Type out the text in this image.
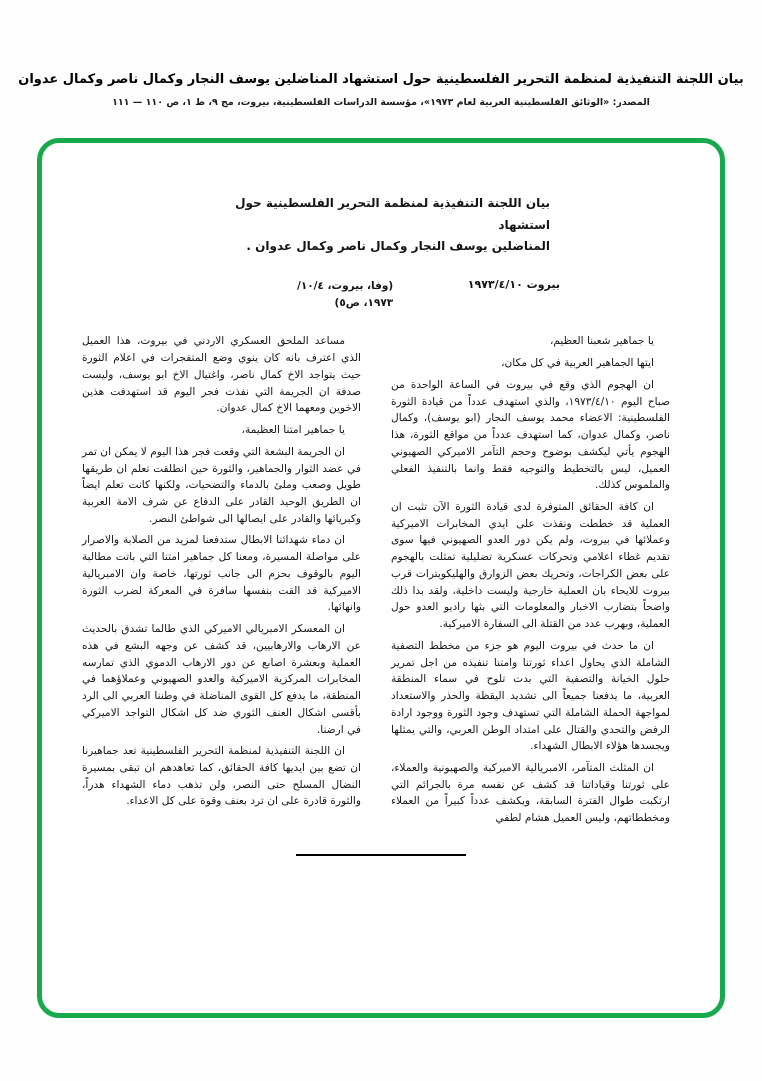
بيان اللجنة التنفيذية لمنظمة التحرير الفلسطينية حول استشهاد المناضلين يوسف النجار وكمال ناصر وكمال عدوان
المصدر: «الوثائق الفلسطينية العربية لعام ١٩٧٣»، مؤسسة الدراسات الفلسطينية، بيروت، مج ٩، ط ١، ص ١١٠ — ١١١
بيان اللجنة التنفيذية لمنظمة التحرير الفلسطينية حول استشهاد
المناضلين يوسف النجار وكمال ناصر وكمال عدوان .
بيروت ١٩٧٣/٤/١٠
(وفا، بيروت، ١٠/٤/
١٩٧٣، ص٥)

يا جماهير شعبنا العظيم،

ايتها الجماهير العربية في كل مكان،

ان الهجوم الذي وقع في بيروت في الساعة الواحدة من صباح اليوم ١٩٧٣/٤/١٠، والذي استهدف عدداً من قيادة الثورة الفلسطينية: الاعضاء محمد يوسف النجار (ابو يوسف)، وكمال ناصر، وكمال عدوان، كما استهدف عدداً من مواقع الثورة، هذا الهجوم يأتي ليكشف بوضوح وحجم التآمر الاميركي الصهيوني العميل، ليس بالتخطيط والتوجيه فقط وانما بالتنفيذ الفعلي والملموس كذلك.

ان كافة الحقائق المتوفرة لدى قيادة الثورة الآن تثبت ان العملية قد خططت ونفذت على ايدي المخابرات الاميركية وعملائها في بيروت، ولم يكن دور العدو الصهيوني فيها سوى تقديم غطاء اعلامي وتحركات عسكرية تضليلية تمثلت بالهجوم على بعض الكراجات، وتحريك بعض الزوارق والهليكوبترات قرب بيروت للايحاء بان العملية خارجية وليست داخلية، ولقد بدا ذلك واضحاً بتضارب الاخبار والمعلومات التي بثها راديو العدو حول العملية، وبهرب عدد من القتلة الى السفارة الاميركية.

ان ما حدث في بيروت اليوم هو جزء من مخطط التصفية الشاملة الذي يحاول اعداء ثورتنا وامتنا تنفيذه من اجل تمرير حلول الخيانة والتصفية التي بدت تلوح في سماء المنطقة العربية، ما يدفعنا جميعاً الى تشديد اليقظة والحذر والاستعداد لمواجهة الحملة الشاملة التي تستهدف وجود الثورة ووجود ارادة الرفض والتحدي والقتال على امتداد الوطن العربي، والتي يمثلها ويجسدها هؤلاء الابطال الشهداء.

ان المثلث المتآمر، الامبريالية الاميركية والصهيونية والعملاء، على ثورتنا وقياداتنا قد كشف عن نفسه مرة بالجرائم التي ارتكبت طوال الفترة السابقة، ويكشف عدداً كبيراً من العملاء ومخططاتهم، وليس العميل هشام لطفي

مساعد الملحق العسكري الاردني في بيروت، هذا العميل الذي اعترف بانه كان ينوي وضع المتفجرات في اعلام الثورة حيث يتواجد الاخ كمال ناصر، واغتيال الاخ ابو يوسف، وليست صدفة ان الجريمة التي نفذت فجر اليوم قد استهدفت هذين الاخوين ومعهما الاخ كمال عدوان.

يا جماهير امتنا العظيمة،

ان الجريمة البشعة التي وقعت فجر هذا اليوم لا يمكن ان تمر في عضد الثوار والجماهير، والثورة حين انطلقت تعلم ان طريقها طويل وصعب وملئ بالدماء والتضحيات، ولكنها كانت تعلم ايضاً ان الطريق الوحيد القادر على الدفاع عن شرف الامة العربية وكبريائها والقادر على ايصالها الى شواطئ النصر.

ان دماء شهدائنا الابطال ستدفعنا لمزيد من الصلابة والاصرار على مواصلة المسيرة، ومعنا كل جماهير امتنا التي باتت مطالبة اليوم بالوقوف بحزم الى جانب ثورتها، خاصة وان الامبريالية الاميركية قد القت بنفسها سافرة في المعركة لضرب الثورة وانهائها.

ان المعسكر الامبريالي الاميركي الذي طالما تشدق بالحديث عن الارهاب والارهابيين، قد كشف عن وجهه البشع في هذه العملية وبعشرة اصابع عن دور الارهاب الدموي الذي تمارسه المخابرات المركزية الاميركية والعدو الصهيوني وعملاؤهما في المنطقة، ما يدفع كل القوى المناضلة في وطننا العربي الى الرد بأقسى اشكال العنف الثوري ضد كل اشكال التواجد الاميركي في ارضنا.

ان اللجنة التنفيذية لمنظمة التحرير الفلسطينية تعد جماهيرنا ان تضع بين ايديها كافة الحقائق، كما تعاهدهم ان تبقى بمسيرة النضال المسلح حتى النصر، ولن تذهب دماء الشهداء هدراً، والثورة قادرة على ان ترد بعنف وقوة على كل الاعداء.
